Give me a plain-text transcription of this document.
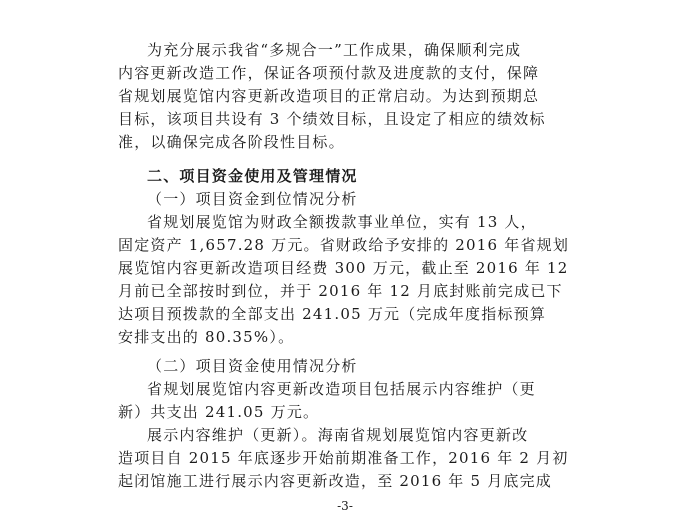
为充分展示我省“多规合一”工作成果，确保顺利完成
内容更新改造工作，保证各项预付款及进度款的支付，保障
省规划展览馆内容更新改造项目的正常启动。为达到预期总
目标，该项目共设有 3 个绩效目标，且设定了相应的绩效标
准，以确保完成各阶段性目标。
二、项目资金使用及管理情况
（一）项目资金到位情况分析
省规划展览馆为财政全额拨款事业单位，实有 13 人，
固定资产 1,657.28 万元。省财政给予安排的 2016 年省规划
展览馆内容更新改造项目经费 300 万元，截止至 2016 年 12
月前已全部按时到位，并于 2016 年 12 月底封账前完成已下
达项目预拨款的全部支出 241.05 万元（完成年度指标预算
安排支出的 80.35%）。
（二）项目资金使用情况分析
省规划展览馆内容更新改造项目包括展示内容维护（更
新）共支出 241.05 万元。
-3-
展示内容维护（更新）。海南省规划展览馆内容更新改
造项目自 2015 年底逐步开始前期准备工作，2016 年 2 月初
起闭馆施工进行展示内容更新改造，至 2016 年 5 月底完成
